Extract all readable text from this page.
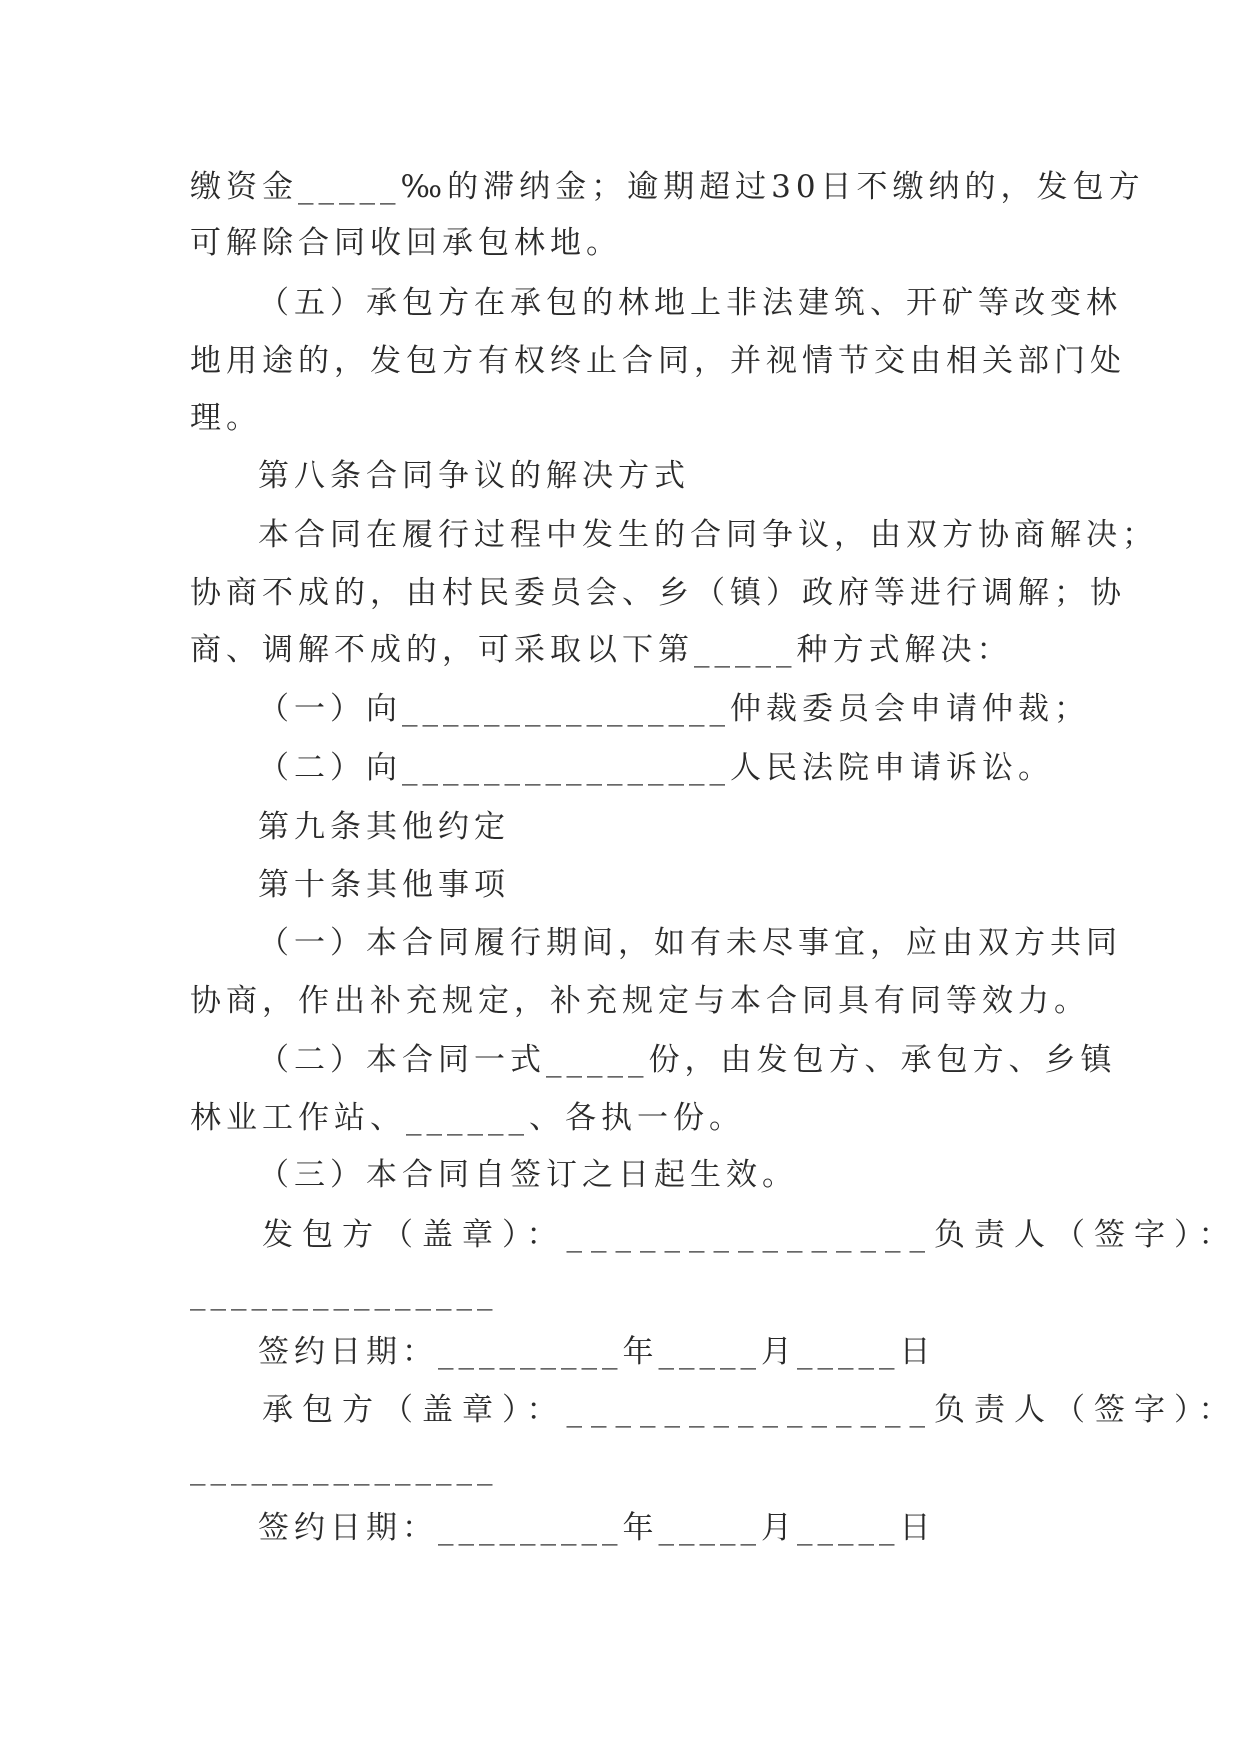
缴资金_____‰的滞纳金；逾期超过30日不缴纳的，发包方
可解除合同收回承包林地。
（五）承包方在承包的林地上非法建筑、开矿等改变林
地用途的，发包方有权终止合同，并视情节交由相关部门处
理。
第八条合同争议的解决方式
本合同在履行过程中发生的合同争议，由双方协商解决；
协商不成的，由村民委员会、乡（镇）政府等进行调解；协
商、调解不成的，可采取以下第_____种方式解决：
（一）向________________仲裁委员会申请仲裁；
（二）向________________人民法院申请诉讼。
第九条其他约定
第十条其他事项
（一）本合同履行期间，如有未尽事宜，应由双方共同
协商，作出补充规定，补充规定与本合同具有同等效力。
（二）本合同一式_____份，由发包方、承包方、乡镇
林业工作站、______、各执一份。
（三）本合同自签订之日起生效。
发包方（盖章）：_______________负责人（签字）：
_______________
签约日期：_________年_____月_____日
承包方（盖章）：_______________负责人（签字）：
_______________
签约日期：_________年_____月_____日
